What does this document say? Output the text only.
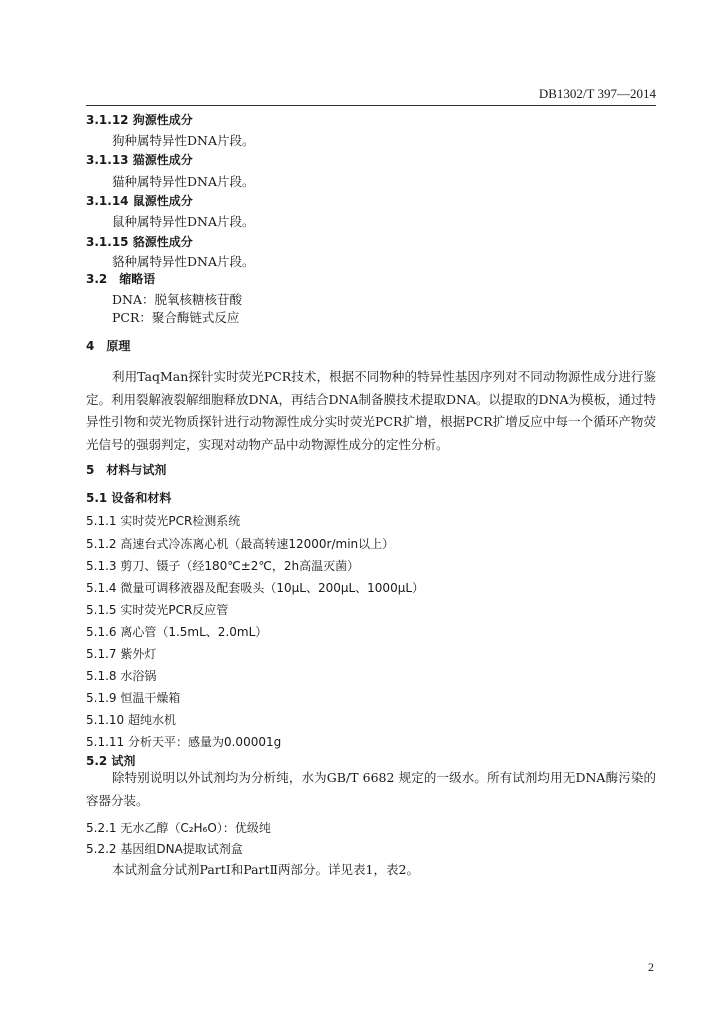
DB1302/T 397—2014
3.1.12 狗源性成分
狗种属特异性DNA片段。
3.1.13 猫源性成分
猫种属特异性DNA片段。
3.1.14 鼠源性成分
鼠种属特异性DNA片段。
3.1.15 貉源性成分
貉种属特异性DNA片段。
3.2　缩略语
DNA：脱氧核糖核苷酸
PCR：聚合酶链式反应
4　原理
利用TaqMan探针实时荧光PCR技术，根据不同物种的特异性基因序列对不同动物源性成分进行鉴定。利用裂解液裂解细胞释放DNA，再结合DNA制备膜技术提取DNA。以提取的DNA为模板，通过特异性引物和荧光物质探针进行动物源性成分实时荧光PCR扩增，根据PCR扩增反应中每一个循环产物荧光信号的强弱判定，实现对动物产品中动物源性成分的定性分析。
5　材料与试剂
5.1 设备和材料
5.1.1 实时荧光PCR检测系统
5.1.2 高速台式冷冻离心机（最高转速12000r/min以上）
5.1.3 剪刀、镊子（经180℃±2℃，2h高温灭菌）
5.1.4 微量可调移液器及配套吸头（10μL、200μL、1000μL）
5.1.5 实时荧光PCR反应管
5.1.6 离心管（1.5mL、2.0mL）
5.1.7 紫外灯
5.1.8 水浴锅
5.1.9 恒温干燥箱
5.1.10 超纯水机
5.1.11 分析天平：感量为0.00001g
5.2 试剂
除特别说明以外试剂均为分析纯，水为GB/T 6682 规定的一级水。所有试剂均用无DNA酶污染的容器分装。
5.2.1 无水乙醇（C₂H₆O）：优级纯
5.2.2 基因组DNA提取试剂盒
本试剂盒分试剂PartⅠ和PartⅡ两部分。详见表1，表2。
2
